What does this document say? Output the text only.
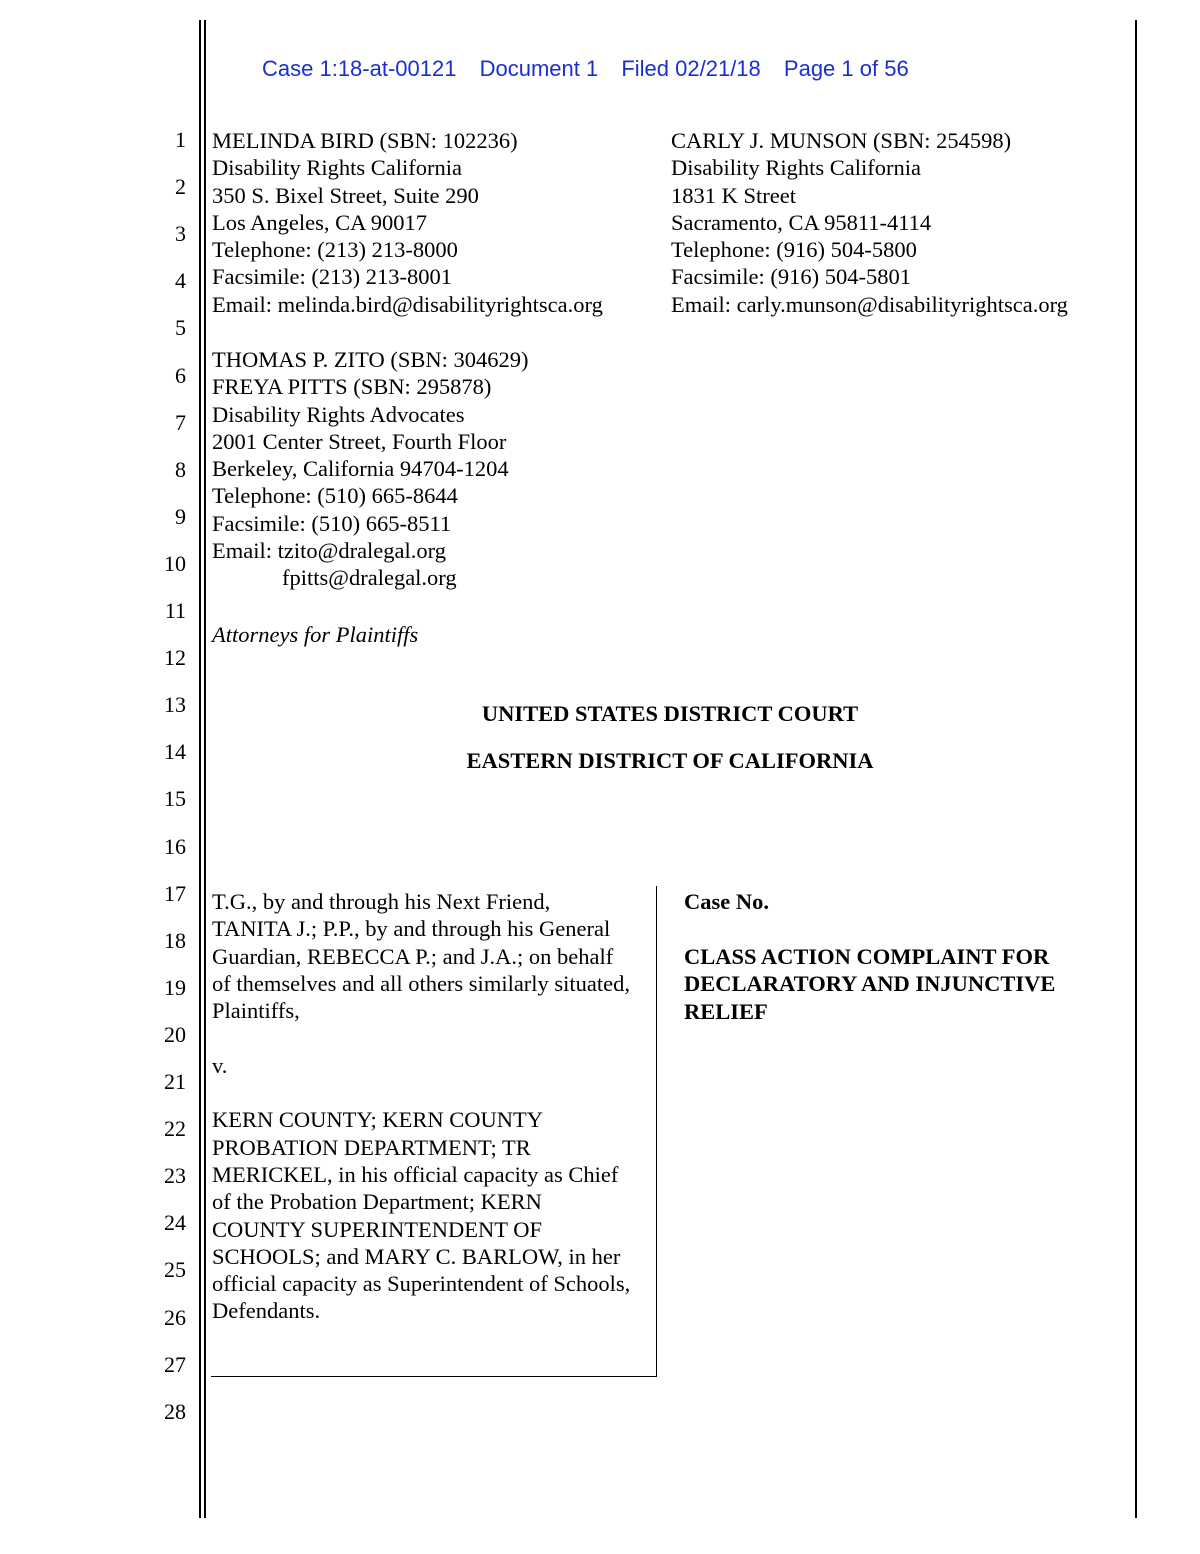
Case 1:18-at-00121 Document 1 Filed 02/21/18 Page 1 of 56
1
2
3
4
5
6
7
8
9
10
11
12
13
14
15
16
17
18
19
20
21
22
23
24
25
26
27
28
MELINDA BIRD (SBN: 102236)
Disability Rights California
350 S. Bixel Street, Suite 290
Los Angeles, CA 90017
Telephone: (213) 213-8000
Facsimile: (213) 213-8001
Email: melinda.bird@disabilityrightsca.org
CARLY J. MUNSON (SBN: 254598)
Disability Rights California
1831 K Street
Sacramento, CA 95811-4114
Telephone: (916) 504-5800
Facsimile: (916) 504-5801
Email: carly.munson@disabilityrightsca.org
THOMAS P. ZITO (SBN: 304629)
FREYA PITTS (SBN: 295878)
Disability Rights Advocates
2001 Center Street, Fourth Floor
Berkeley, California 94704-1204
Telephone: (510) 665-8644
Facsimile: (510) 665-8511
Email: tzito@dralegal.org
fpitts@dralegal.org
Attorneys for Plaintiffs
UNITED STATES DISTRICT COURT
EASTERN DISTRICT OF CALIFORNIA
T.G., by and through his Next Friend,
TANITA J.; P.P., by and through his General
Guardian, REBECCA P.; and J.A.; on behalf
of themselves and all others similarly situated,
Plaintiffs,
v.
KERN COUNTY; KERN COUNTY
PROBATION DEPARTMENT; TR
MERICKEL, in his official capacity as Chief
of the Probation Department; KERN
COUNTY SUPERINTENDENT OF
SCHOOLS; and MARY C. BARLOW, in her
official capacity as Superintendent of Schools,
Defendants.
Case No.
CLASS ACTION COMPLAINT FOR
DECLARATORY AND INJUNCTIVE
RELIEF
